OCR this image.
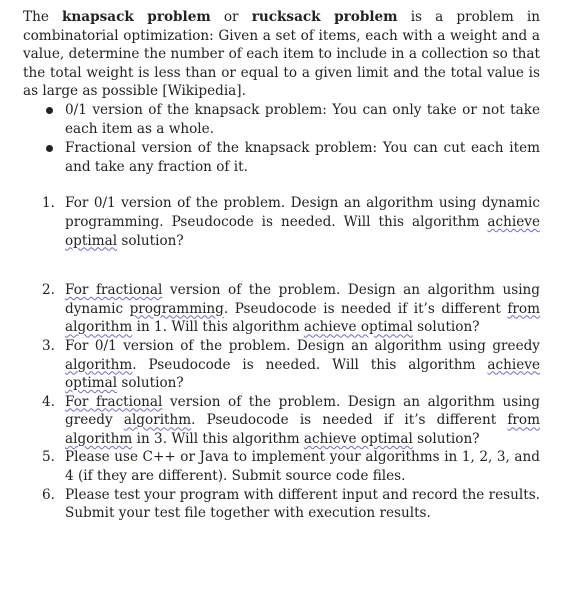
The knapsack problem or rucksack problem is a problem in combinatorial optimization: Given a set of items, each with a weight and a value, determine the number of each item to include in a collection so that the total weight is less than or equal to a given limit and the total value is as large as possible [Wikipedia].

0/1 version of the knapsack problem: You can only take or not take each item as a whole.
Fractional version of the knapsack problem: You can cut each item and take any fraction of it.
1. For 0/1 version of the problem. Design an algorithm using dynamic programming. Pseudocode is needed. Will this algorithm achieve optimal solution?
2. For fractional version of the problem. Design an algorithm using dynamic programming. Pseudocode is needed if it’s different from algorithm in 1. Will this algorithm achieve optimal solution?
3. For 0/1 version of the problem. Design an algorithm using greedy algorithm. Pseudocode is needed. Will this algorithm achieve optimal solution?
4. For fractional version of the problem. Design an algorithm using greedy algorithm. Pseudocode is needed if it’s different from algorithm in 3. Will this algorithm achieve optimal solution?
5. Please use C++ or Java to implement your algorithms in 1, 2, 3, and 4 (if they are different). Submit source code files.
6. Please test your program with different input and record the results. Submit your test file together with execution results.
